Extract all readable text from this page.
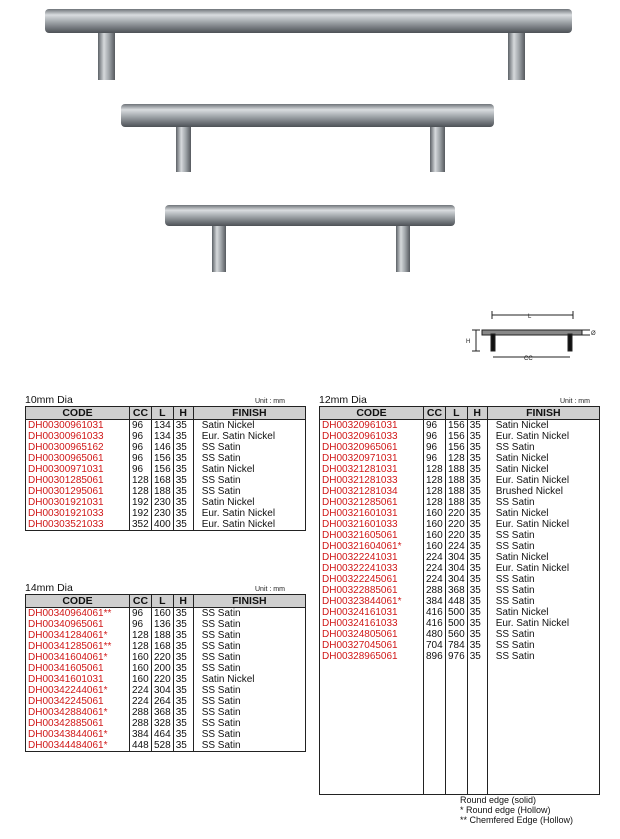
L
Ø
H
CC
10mm Dia	Unit : mm
CODE	CC	L	H	FINISH
DH00300961031	96	134	35	Satin Nickel
DH00300961033	96	134	35	Eur. Satin Nickel
DH00300965162	96	146	35	SS Satin
DH00300965061	96	156	35	SS Satin
DH00300971031	96	156	35	Satin Nickel
DH00301285061	128	168	35	SS Satin
DH00301295061	128	188	35	SS Satin
DH00301921031	192	230	35	Satin Nickel
DH00301921033	192	230	35	Eur. Satin Nickel
DH00303521033	352	400	35	Eur. Satin Nickel
14mm Dia	Unit : mm
CODE	CC	L	H	FINISH
DH00340964061**	96	160	35	SS Satin
DH00340965061	96	136	35	SS Satin
DH00341284061*	128	188	35	SS Satin
DH00341285061**	128	168	35	SS Satin
DH00341604061*	160	220	35	SS Satin
DH00341605061	160	200	35	SS Satin
DH00341601031	160	220	35	Satin Nickel
DH00342244061*	224	304	35	SS Satin
DH00342245061	224	264	35	SS Satin
DH00342884061*	288	368	35	SS Satin
DH00342885061	288	328	35	SS Satin
DH00343844061*	384	464	35	SS Satin
DH00344484061*	448	528	35	SS Satin
12mm Dia	Unit : mm
CODE	CC	L	H	FINISH
DH00320961031	96	156	35	Satin Nickel
DH00320961033	96	156	35	Eur. Satin Nickel
DH00320965061	96	156	35	SS Satin
DH00320971031	96	128	35	Satin Nickel
DH00321281031	128	188	35	Satin Nickel
DH00321281033	128	188	35	Eur. Satin Nickel
DH00321281034	128	188	35	Brushed Nickel
DH00321285061	128	188	35	SS Satin
DH00321601031	160	220	35	Satin Nickel
DH00321601033	160	220	35	Eur. Satin Nickel
DH00321605061	160	220	35	SS Satin
DH00321604061*	160	224	35	SS Satin
DH00322241031	224	304	35	Satin Nickel
DH00322241033	224	304	35	Eur. Satin Nickel
DH00322245061	224	304	35	SS Satin
DH00322885061	288	368	35	SS Satin
DH00323844061*	384	448	35	SS Satin
DH00324161031	416	500	35	Satin Nickel
DH00324161033	416	500	35	Eur. Satin Nickel
DH00324805061	480	560	35	SS Satin
DH00327045061	704	784	35	SS Satin
DH00328965061	896	976	35	SS Satin

Round edge (solid)
* Round edge (Hollow)
** Chemfered Edge (Hollow)
